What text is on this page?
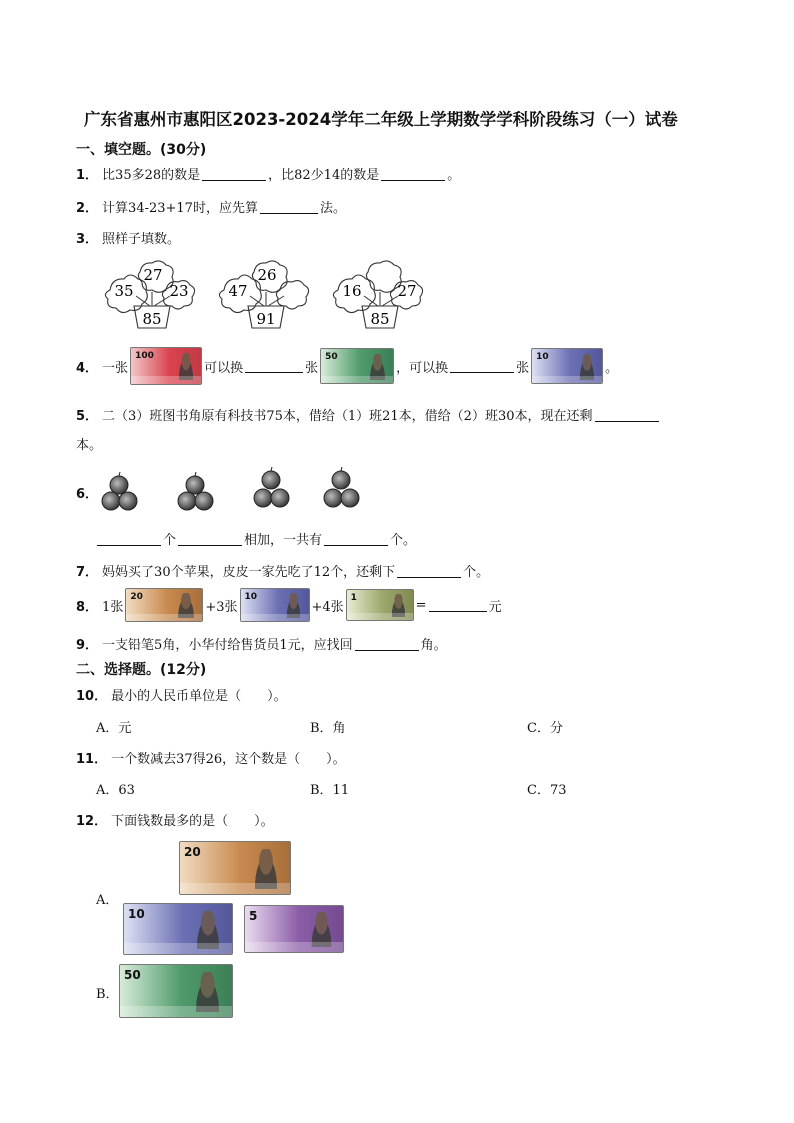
广东省惠州市惠阳区2023-2024学年二年级上学期数学学科阶段练习（一）试卷
一、填空题。(30分)
1． 比35多28的数是	，比82少14的数是	。
2． 计算34-23+17时，应先算	法。
3． 照样子填数。
35
27
23
85
47
26
91
16 27
85
4． 一张
100
可以换	张
50
，可以换	张
10
。
5． 二（3）班图书角原有科技书75本，借给（1）班21本，借给（2）班30本，现在还剩
本。
6．
个	相加，一共有	个。
7． 妈妈买了30个苹果，皮皮一家先吃了12个，还剩下	个。
8． 1张
20
+3张
10
+4张
1	=	元
9． 一支铅笔5角，小华付给售货员1元，应找回	角。
二、选择题。(12分)
10． 最小的人民币单位是（　　）。
A．元	B．角	C．分
11． 一个数减去37得26，这个数是（　　）。
A．63	B．11	C．73
12． 下面钱数最多的是（　　）。
20
A．
10	5
B．
50
